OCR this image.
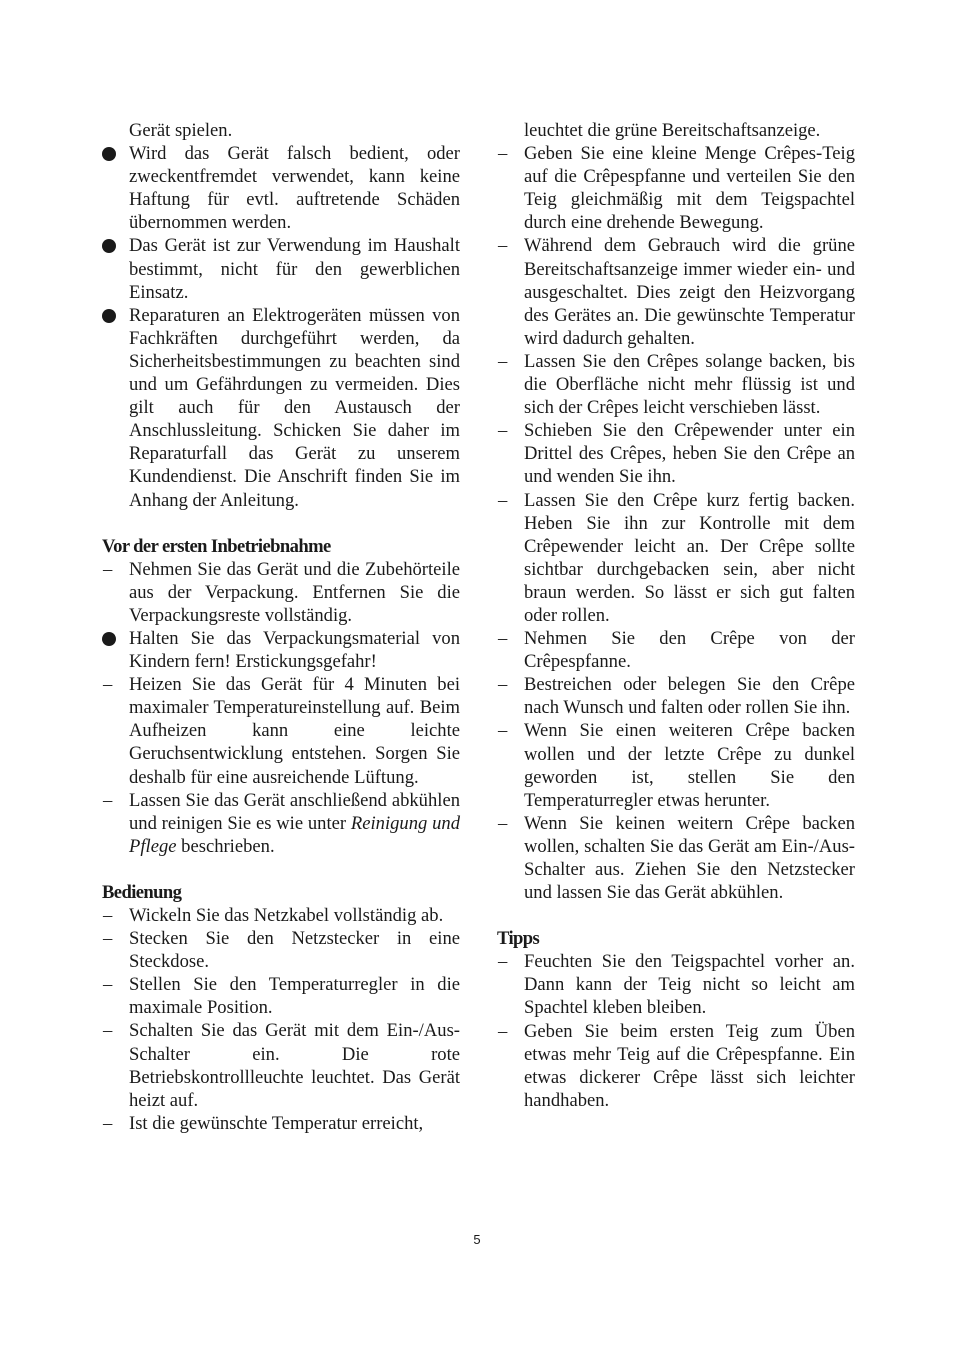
Gerät spielen.
Wird das Gerät falsch bedient, oder zweckentfremdet verwendet, kann keine Haftung für evtl. auftretende Schäden übernommen werden.
Das Gerät ist zur Verwendung im Haushalt bestimmt, nicht für den gewerblichen Einsatz.
Reparaturen an Elektrogeräten müssen von Fachkräften durchgeführt werden, da Sicherheitsbestimmungen zu beachten sind und um Gefährdungen zu vermeiden. Dies gilt auch für den Austausch der Anschlussleitung. Schicken Sie daher im Reparaturfall das Gerät zu unserem Kundendienst. Die Anschrift finden Sie im Anhang der Anleitung.
Vor der ersten Inbetriebnahme
– Nehmen Sie das Gerät und die Zubehörteile aus der Verpackung. Entfernen Sie die Verpackungsreste vollständig.
Halten Sie das Verpackungsmaterial von Kindern fern! Erstickungsgefahr!
– Heizen Sie das Gerät für 4 Minuten bei maximaler Temperatureinstellung auf. Beim Aufheizen kann eine leichte Geruchsentwicklung entstehen. Sorgen Sie deshalb für eine ausreichende Lüftung.
– Lassen Sie das Gerät anschließend abkühlen und reinigen Sie es wie unter Reinigung und Pflege beschrieben.
Bedienung
– Wickeln Sie das Netzkabel vollständig ab.
– Stecken Sie den Netzstecker in eine Steckdose.
– Stellen Sie den Temperaturregler in die maximale Position.
– Schalten Sie das Gerät mit dem Ein-/Aus-Schalter ein. Die rote Betriebskontrollleuchte leuchtet. Das Gerät heizt auf.
– Ist die gewünschte Temperatur erreicht,
leuchtet die grüne Bereitschaftsanzeige.
– Geben Sie eine kleine Menge Crêpes-Teig auf die Crêpespfanne und verteilen Sie den Teig gleichmäßig mit dem Teigspachtel durch eine drehende Bewegung.
– Während dem Gebrauch wird die grüne Bereitschaftsanzeige immer wieder ein- und ausgeschaltet. Dies zeigt den Heizvorgang des Gerätes an. Die gewünschte Temperatur wird dadurch gehalten.
– Lassen Sie den Crêpes solange backen, bis die Oberfläche nicht mehr flüssig ist und sich der Crêpes leicht verschieben lässt.
– Schieben Sie den Crêpewender unter ein Drittel des Crêpes, heben Sie den Crêpe an und wenden Sie ihn.
– Lassen Sie den Crêpe kurz fertig backen. Heben Sie ihn zur Kontrolle mit dem Crêpewender leicht an. Der Crêpe sollte sichtbar durchgebacken sein, aber nicht braun werden. So lässt er sich gut falten oder rollen.
– Nehmen Sie den Crêpe von der Crêpespfanne.
– Bestreichen oder belegen Sie den Crêpe nach Wunsch und falten oder rollen Sie ihn.
– Wenn Sie einen weiteren Crêpe backen wollen und der letzte Crêpe zu dunkel geworden ist, stellen Sie den Temperaturregler etwas herunter.
– Wenn Sie keinen weitern Crêpe backen wollen, schalten Sie das Gerät am Ein-/Aus-Schalter aus. Ziehen Sie den Netzstecker und lassen Sie das Gerät abkühlen.
Tipps
– Feuchten Sie den Teigspachtel vorher an. Dann kann der Teig nicht so leicht am Spachtel kleben bleiben.
– Geben Sie beim ersten Teig zum Üben etwas mehr Teig auf die Crêpespfanne. Ein etwas dickerer Crêpe lässt sich leichter handhaben.
5
